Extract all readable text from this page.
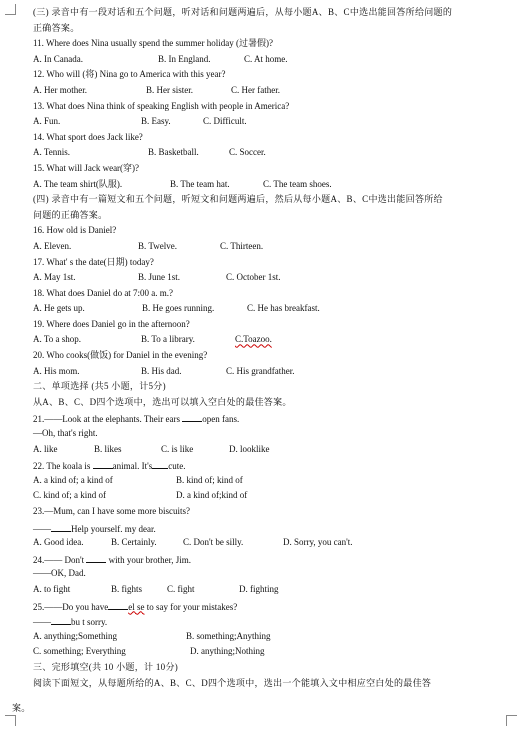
(三) 录音中有一段对话和五个问题，听对话和问题两遍后，从每小题A、B、C中选出能回答所给问题的
正确答案。
11. Where does Nina usually spend the summer holiday (过暑假)?
A. In Canada.	B. In England.	C. At home.
12. Who will (将) Nina go to America with this year?
A. Her mother.	B. Her sister.	C. Her father.
13. What does Nina think of speaking English with people in America?
A. Fun.	B. Easy.	C. Difficult.
14. What sport does Jack like?
A. Tennis.	B. Basketball.	C. Soccer.
15. What will Jack wear(穿)?
A. The team shirt(队服).	B. The team hat.	C. The team shoes.
(四) 录音中有一篇短文和五个问题，听短文和问题两遍后，然后从每小题A、B、C中选出能回答所给
问题的正确答案。
16. How old is Daniel?
A. Eleven.	B. Twelve.	C. Thirteen.
17. What' s the date(日期) today?
A. May 1st.	B. June 1st.	C. October 1st.
18. What does Daniel do at 7:00 a. m.?
A. He gets up.	B. He goes running.	C. He has breakfast.
19. Where does Daniel go in the afternoon?
A. To a shop.	B. To a library.	C.Toazoo.
20. Who cooks(做饭) for Daniel in the evening?
A. His mom.	B. His dad.	C. His grandfather.
二、单项选择 (共5 小题，计5分)
从A、B、C、D四个选项中，选出可以填入空白处的最佳答案。
21.——Look at the elephants. Their ears open fans.
—Oh, that's right.
A. like	B. likes	C. is like	D. looklike
22. The koala is animal. It's cute.
A. a kind of; a kind of	B. kind of; kind of
C. kind of; a kind of	D. a kind of;kind of
23.—Mum, can I have some more biscuits?
—— Help yourself. my dear.
A. Good idea.	B. Certainly.	C. Don't be silly.	D. Sorry, you can't.
24.—— Don't  with your brother, Jim.
——OK, Dad.
A. to fight	B. fights	C. fight	D. fighting
25.——Do you have el se to say for your mistakes?
—— bu t sorry.
A. anything;Something	B. something;Anything
C. something; Everything	D. anything;Nothing
三、完形填空(共 10 小题，计 10分)
阅读下面短文，从每题所给的A、B、C、D四个选项中，选出一个能填入文中相应空白处的最佳答
案。
